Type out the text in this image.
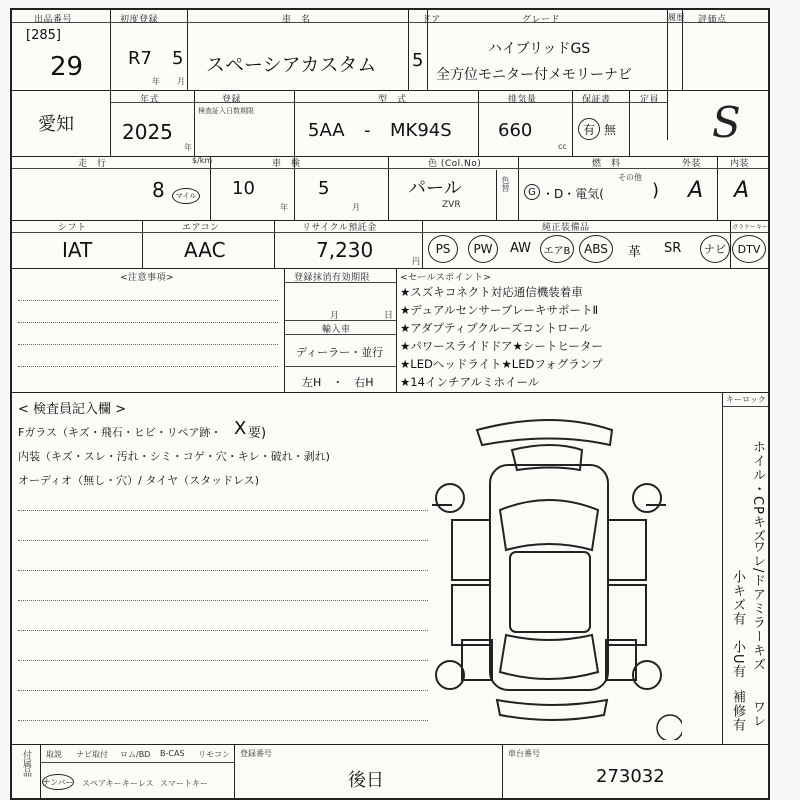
出品番号
[285]
29
初度登録
R7 5
年 月
車　名
スペーシアカスタム
ドア
5
グレード
ハイブリッドGS
全方位モニター付メモリーナビ
履歴 評価点
S
愛知
年式
2025
年
登録
検査証入日数期限
型　式
5AA - MK94S
排気量
660
cc
保証書
有 無
定員
走　行	$/km
8 マイル
車　検
10
年
5
月
色 (Col.No)
パール
ZVR
色替
燃　料
G ・D・電気(
その他
)
外装
A
内装
A
シフト
IAT
エアコン
AAC
リサイクル預託金
7,230	円
純正装備品	ガラケーキー
PS PW AW エアB ABS 革 SR ナビ DTV
<注意事項>	登録抹消有効期限
月	日
輸入車
ディーラー・並行
左H　・　右H
<セールスポイント>
★スズキコネクト対応通信機装着車
★デュアルセンサーブレーキサポートⅡ
★アダプティブクルーズコントロール
★パワースライドドア★シートヒーター
★LEDヘッドライト★LEDフォグランプ
★14インチアルミホイール
キーロック
< 検査員記入欄 >
Fガラス（キズ・飛石・ヒビ・リペア跡・ X 要)
内装（キズ・スレ・汚れ・シミ・コゲ・穴・キレ・破れ・剥れ)
オーディオ（無し・穴）/ タイヤ（スタッドレス)	ホイル・CPキズ
ワレ/ドアミラーキズ
ワレ
小キズ有
小U有
補修有
付属品 取説 ナビ取付 ロム/BD B-CAS リモコン
ナンバー スペアキー キーレス スマートキー
登録番号
後日
車台番号
273032
